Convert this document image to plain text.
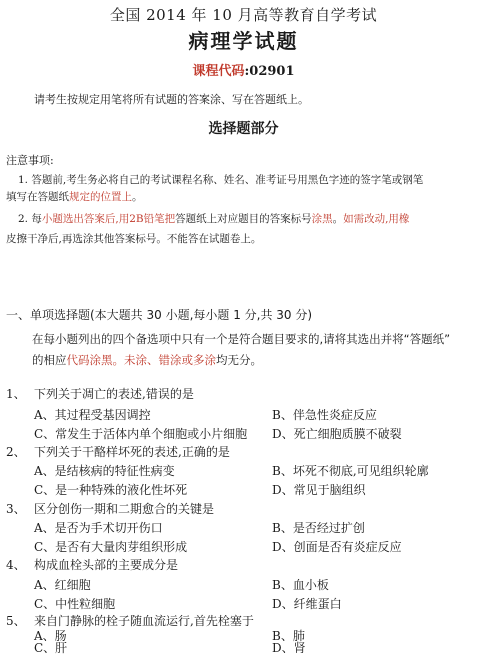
全国 2014 年 10 月高等教育自学考试
病理学试题
课程代码:02901
请考生按规定用笔将所有试题的答案涂、写在答题纸上。
选择题部分
注意事项:
1. 答题前,考生务必将自己的考试课程名称、姓名、准考证号用黑色字迹的签字笔或钢笔
填写在答题纸规定的位置上。
2. 每小题选出答案后,用2B铅笔把答题纸上对应题目的答案标号涂黑。如需改动,用橡
皮擦干净后,再选涂其他答案标号。不能答在试题卷上。
一、单项选择题(本大题共 30 小题,每小题 1 分,共 30 分)
在每小题列出的四个备选项中只有一个是符合题目要求的,请将其选出并将“答题纸”
的相应代码涂黑。未涂、错涂或多涂均无分。
1、 下列关于凋亡的表述,错误的是
A、其过程受基因调控	B、伴急性炎症反应
C、常发生于活体内单个细胞或小片细胞 D、死亡细胞质膜不破裂
2、 下列关于干酪样坏死的表述,正确的是
A、是结核病的特征性病变	B、坏死不彻底,可见组织轮廓
C、是一种特殊的液化性坏死	D、常见于脑组织
3、 区分创伤一期和二期愈合的关键是
A、是否为手术切开伤口	B、是否经过扩创
C、是否有大量肉芽组织形成	D、创面是否有炎症反应
4、 构成血栓头部的主要成分是
A、红细胞	B、血小板
C、中性粒细胞	D、纤维蛋白
5、 来自门静脉的栓子随血流运行,首先栓塞于
A、肠	B、肺
C、肝	D、肾
